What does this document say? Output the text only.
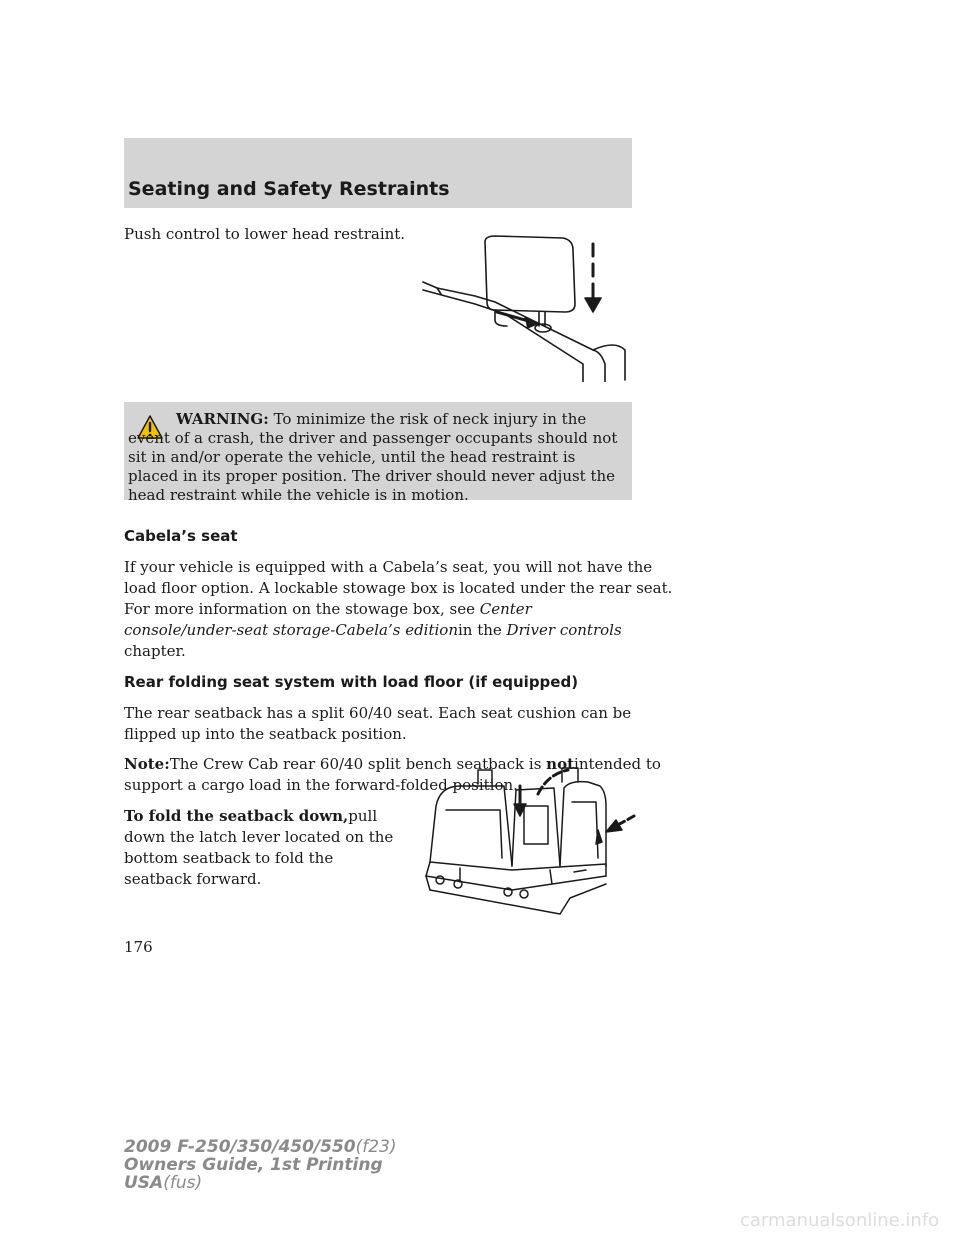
Seating and Safety Restraints

Push control to lower head restraint.

WARNING: To minimize the risk of neck injury in the event of a crash, the driver and passenger occupants should not sit in and/or operate the vehicle, until the head restraint is placed in its proper position. The driver should never adjust the head restraint while the vehicle is in motion.

Cabela’s seat

If your vehicle is equipped with a Cabela’s seat, you will not have the

load floor option. A lockable stowage box is located under the rear seat.

For more information on the stowage box, see Center

console/under-seat storage-Cabela’s editionin the Driver controls

chapter.

Rear folding seat system with load floor (if equipped)

The rear seatback has a split 60/40 seat. Each seat cushion can be

flipped up into the seatback position.

Note:The Crew Cab rear 60/40 split bench seatback is notintended to

support a cargo load in the forward-folded position.

To fold the seatback down,pull

down the latch lever located on the

bottom seatback to fold the

seatback forward.

176

2009 F-250/350/450/550(f23)
Owners Guide, 1st Printing
USA(fus)

carmanualsonline.info
